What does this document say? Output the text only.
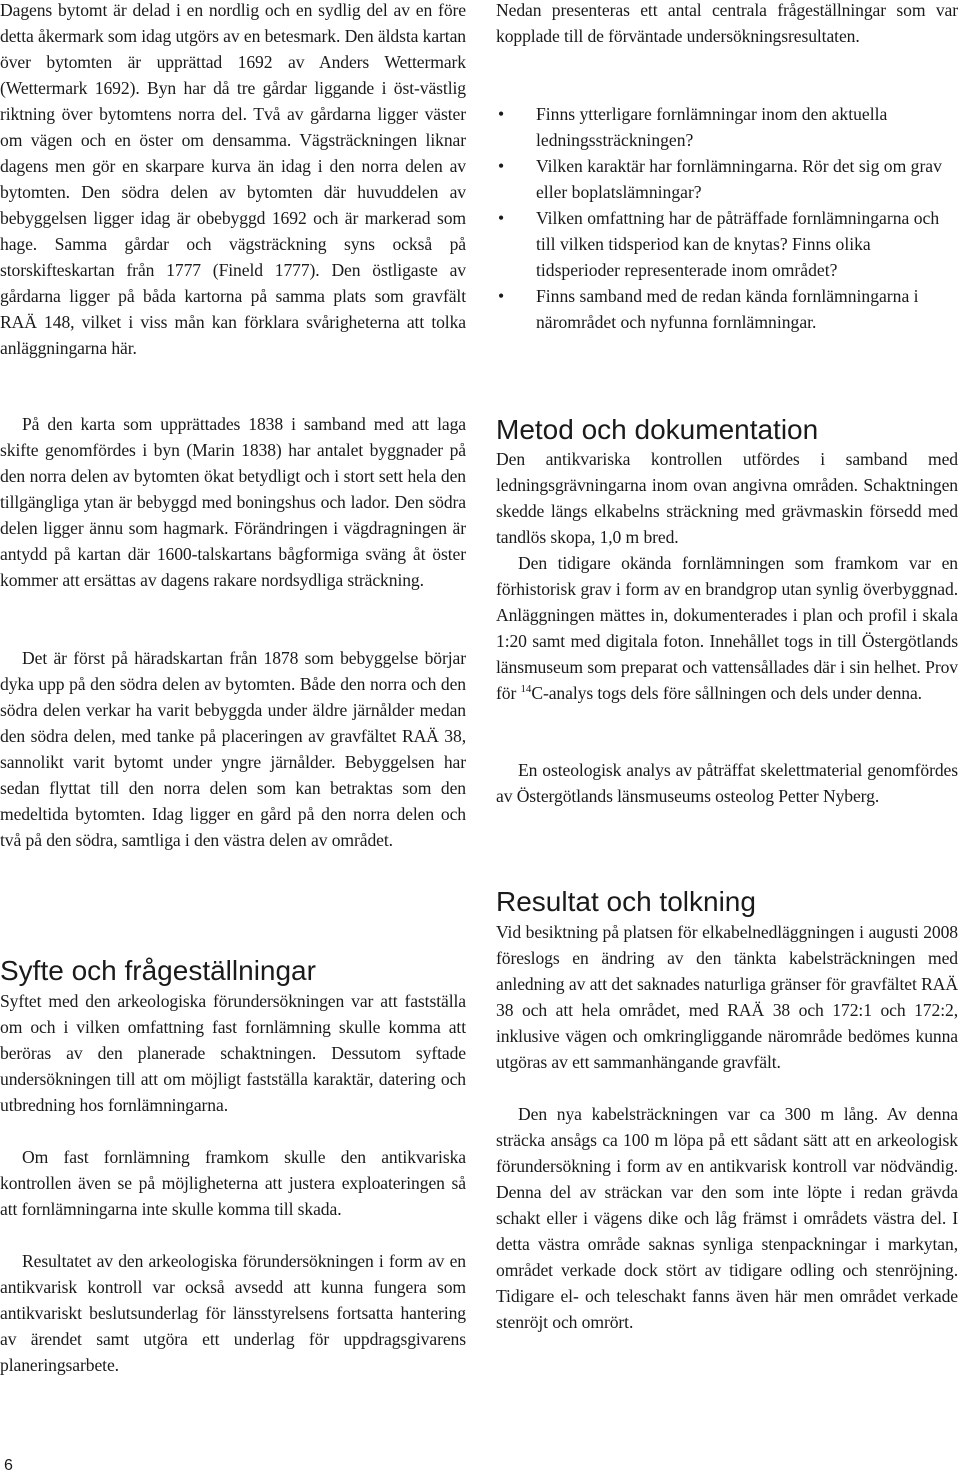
Dagens bytomt är delad i en nordlig och en sydlig del av en före detta åkermark som idag utgörs av en betesmark. Den äldsta kartan över bytomten är upprättad 1692 av Anders Wettermark (Wettermark 1692). Byn har då tre gårdar liggande i öst-västlig riktning över bytomtens norra del. Två av gårdarna ligger väster om vägen och en öster om densamma. Vägsträckningen liknar dagens men gör en skarpare kurva än idag i den norra delen av bytomten. Den södra delen av bytomten där huvuddelen av bebyggelsen ligger idag är obebyggd 1692 och är markerad som hage. Samma gårdar och vägsträckning syns också på storskifteskartan från 1777 (Fineld 1777). Den östligaste av gårdarna ligger på båda kartorna på samma plats som gravfält RAÄ 148, vilket i viss mån kan förklara svårigheterna att tolka anläggningarna här.

På den karta som upprättades 1838 i samband med att laga skifte genomfördes i byn (Marin 1838) har antalet byggnader på den norra delen av bytomten ökat betydligt och i stort sett hela den tillgängliga ytan är bebyggd med boningshus och lador. Den södra delen ligger ännu som hagmark. Förändringen i vägdragningen är antydd på kartan där 1600-talskartans bågformiga sväng åt öster kommer att ersättas av dagens rakare nordsydliga sträckning.

Det är först på häradskartan från 1878 som bebyggelse börjar dyka upp på den södra delen av bytomten. Både den norra och den södra delen verkar ha varit bebyggda under äldre järnålder medan den södra delen, med tanke på placeringen av gravfältet RAÄ 38, sannolikt varit bytomt under yngre järnålder. Bebyggelsen har sedan flyttat till den norra delen som kan betraktas som den medeltida bytomten. Idag ligger en gård på den norra delen och två på den södra, samtliga i den västra delen av området.

Syfte och frågeställningar

Syftet med den arkeologiska förundersökningen var att fastställa om och i vilken omfattning fast fornlämning skulle komma att beröras av den planerade schaktningen. Dessutom syftade undersökningen till att om möjligt fastställa karaktär, datering och utbredning hos fornlämningarna.

Om fast fornlämning framkom skulle den antikvariska kontrollen även se på möjligheterna att justera exploateringen så att fornlämningarna inte skulle komma till skada.

Resultatet av den arkeologiska förundersökningen i form av en antikvarisk kontroll var också avsedd att kunna fungera som antikvariskt beslutsunderlag för länsstyrelsens fortsatta hantering av ärendet samt utgöra ett underlag för uppdragsgivarens planeringsarbete.

Nedan presenteras ett antal centrala frågeställningar som var kopplade till de förväntade undersökningsresultaten.

• Finns ytterligare fornlämningar inom den aktuella ledningssträckningen?
• Vilken karaktär har fornlämningarna. Rör det sig om grav eller boplatslämningar?
• Vilken omfattning har de påträffade fornlämningarna och till vilken tidsperiod kan de knytas? Finns olika tidsperioder representerade inom området?
• Finns samband med de redan kända fornlämningarna i närområdet och nyfunna fornlämningar.
Metod och dokumentation

Den antikvariska kontrollen utfördes i samband med ledningsgrävningarna inom ovan angivna områden. Schaktningen skedde längs elkabelns sträckning med grävmaskin försedd med tandlös skopa, 1,0 m bred.

Den tidigare okända fornlämningen som framkom var en förhistorisk grav i form av en brandgrop utan synlig överbyggnad. Anläggningen mättes in, dokumenterades i plan och profil i skala 1:20 samt med digitala foton. Innehållet togs in till Östergötlands länsmuseum som preparat och vattensållades där i sin helhet. Prov för $^{14}$C-analys togs dels före sållningen och dels under denna.

En osteologisk analys av påträffat skelettmaterial genomfördes av Östergötlands länsmuseums osteolog Petter Nyberg.

Resultat och tolkning

Vid besiktning på platsen för elkabelnedläggningen i augusti 2008 föreslogs en ändring av den tänkta kabelsträckningen med anledning av att det saknades naturliga gränser för gravfältet RAÄ 38 och att hela området, med RAÄ 38 och 172:1 och 172:2, inklusive vägen och omkringliggande närområde bedömes kunna utgöras av ett sammanhängande gravfält.

Den nya kabelsträckningen var ca 300 m lång. Av denna sträcka ansågs ca 100 m löpa på ett sådant sätt att en arkeologisk förundersökning i form av en antikvarisk kontroll var nödvändig. Denna del av sträckan var den som inte löpte i redan grävda schakt eller i vägens dike och låg främst i områdets västra del. I detta västra område saknas synliga stenpackningar i markytan, området verkade dock stört av tidigare odling och stenröjning. Tidigare el- och teleschakt fanns även här men området verkade stenröjt och omrört.

6
